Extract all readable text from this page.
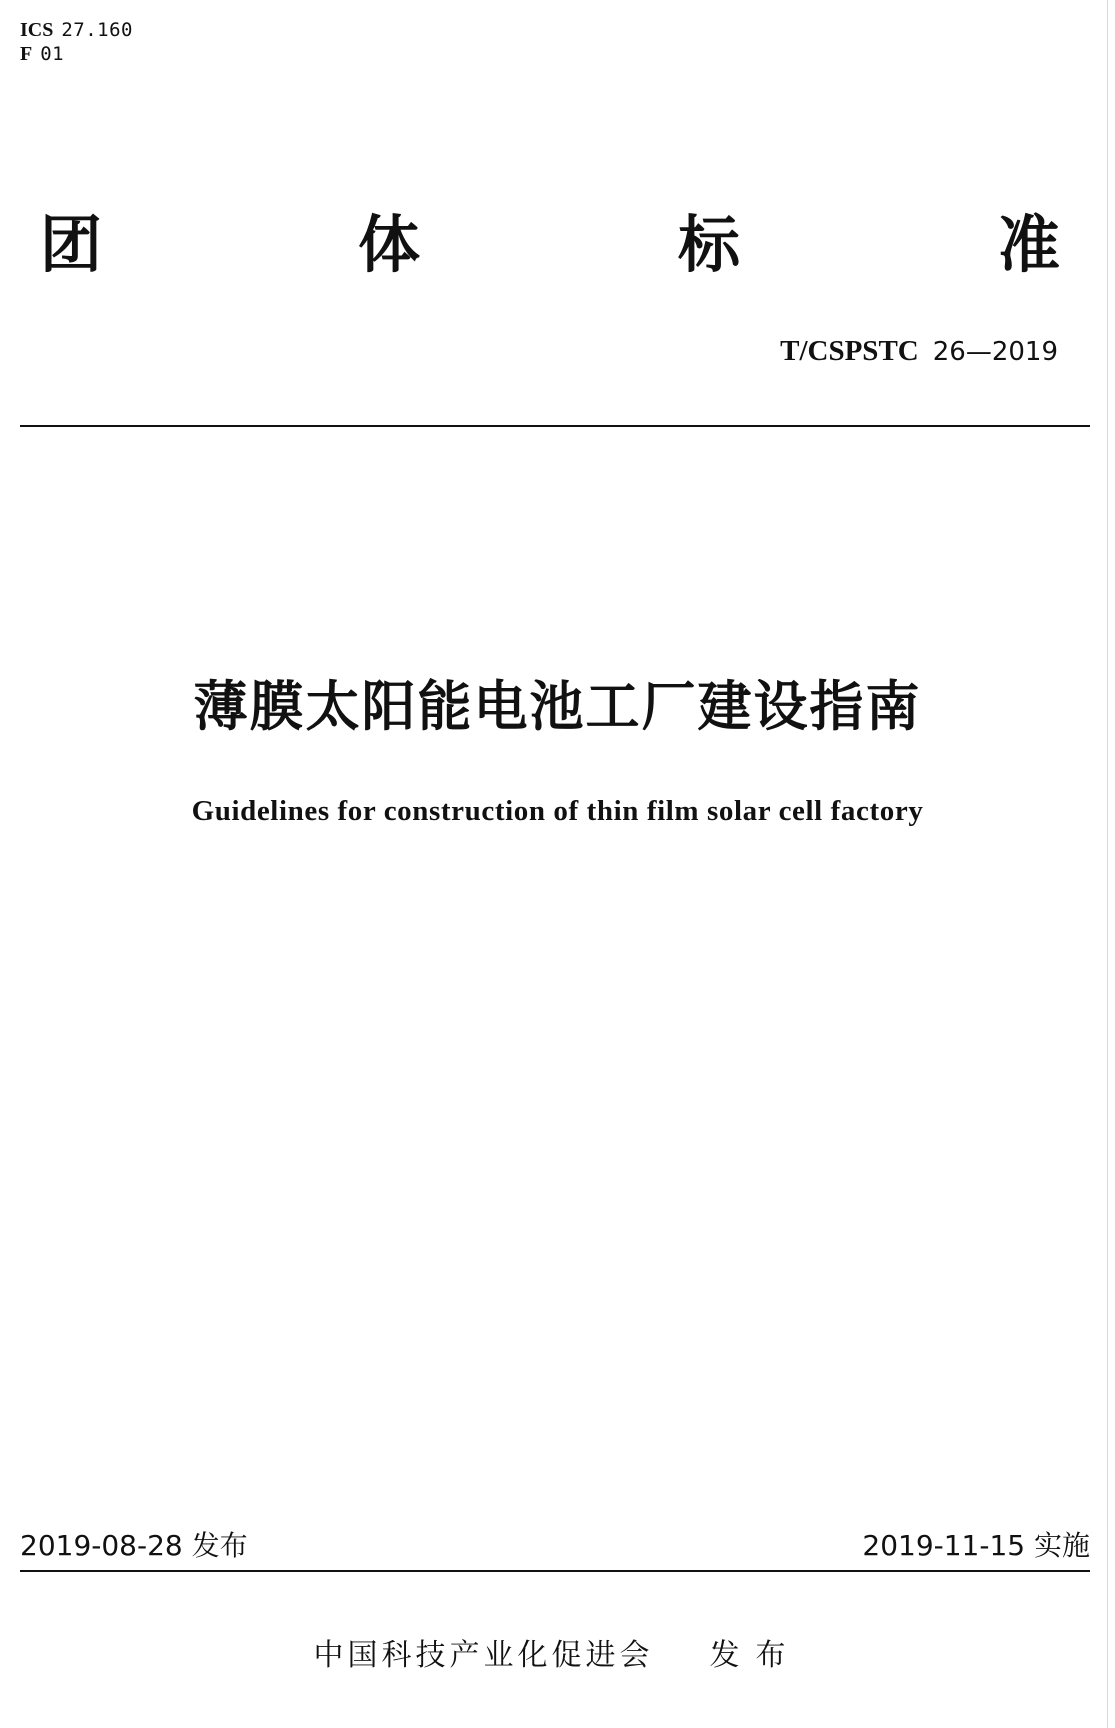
ICS 27.160
F 01
团	体	标	准
T/CSPSTC 26—2019
薄膜太阳能电池工厂建设指南
Guidelines for construction of thin film solar cell factory
2019-08-28 发布	2019-11-15 实施
中国科技产业化促进会 发布
